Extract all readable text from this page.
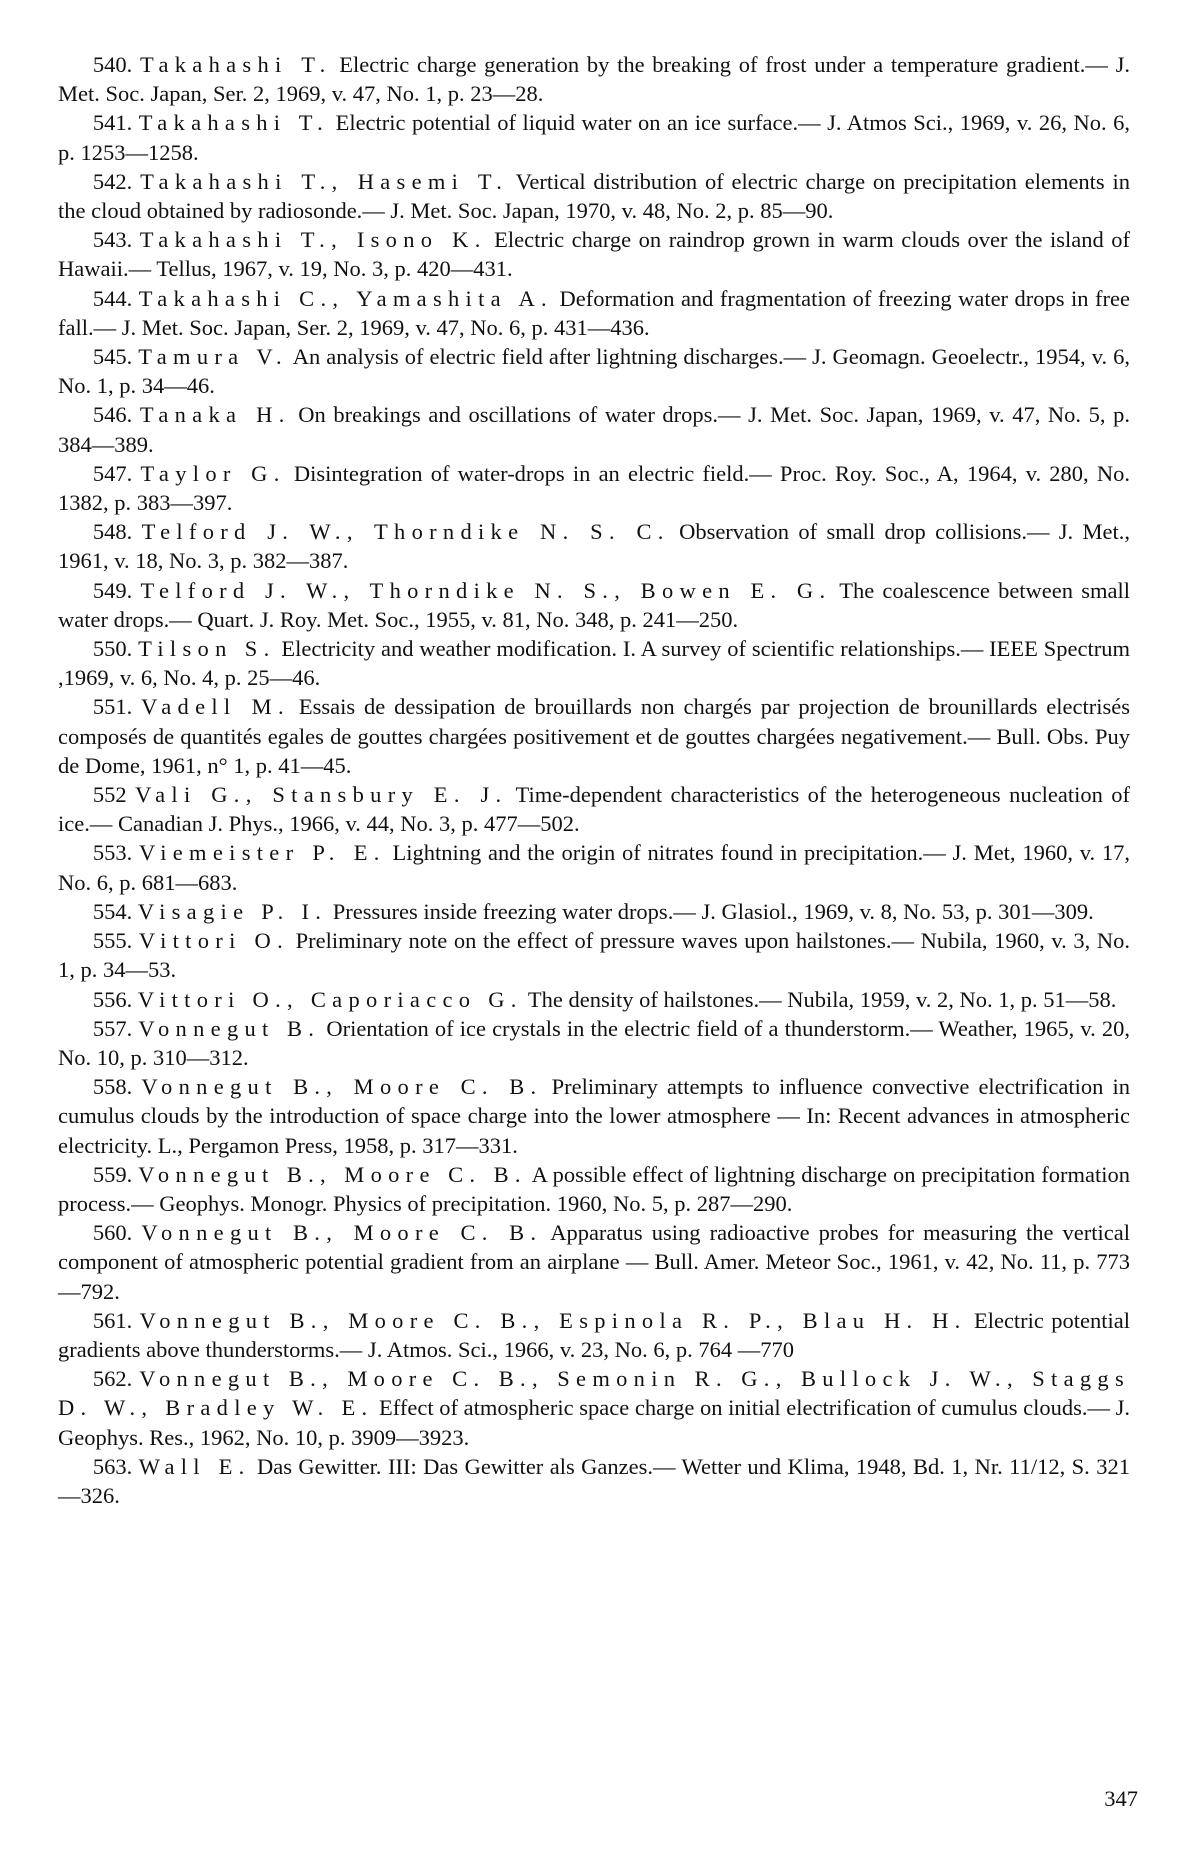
540. Takahashi T. Electric charge generation by the breaking of frost under a temperature gradient.— J. Met. Soc. Japan, Ser. 2, 1969, v. 47, No. 1, p. 23—28.

541. Takahashi T. Electric potential of liquid water on an ice surface.— J. Atmos Sci., 1969, v. 26, No. 6, p. 1253—1258.

542. Takahashi T., Hasemi T. Vertical distribution of electric charge on precipitation elements in the cloud obtained by radiosonde.— J. Met. Soc. Japan, 1970, v. 48, No. 2, p. 85—90.

543. Takahashi T., Isono K. Electric charge on raindrop grown in warm clouds over the island of Hawaii.— Tellus, 1967, v. 19, No. 3, p. 420—431.

544. Takahashi C., Yamashita A. Deformation and fragmentation of freezing water drops in free fall.— J. Met. Soc. Japan, Ser. 2, 1969, v. 47, No. 6, p. 431—436.

545. Tamura V. An analysis of electric field after lightning discharges.— J. Geomagn. Geoelectr., 1954, v. 6, No. 1, p. 34—46.

546. Tanaka H. On breakings and oscillations of water drops.— J. Met. Soc. Japan, 1969, v. 47, No. 5, p. 384—389.

547. Taylor G. Disintegration of water-drops in an electric field.— Proc. Roy. Soc., A, 1964, v. 280, No. 1382, p. 383—397.

548. Telford J. W., Thorndike N. S. C. Observation of small drop collisions.— J. Met., 1961, v. 18, No. 3, p. 382—387.

549. Telford J. W., Thorndike N. S., Bowen E. G. The coalescence between small water drops.— Quart. J. Roy. Met. Soc., 1955, v. 81, No. 348, p. 241—250.

550. Tilson S. Electricity and weather modification. I. A survey of scientific relationships.— IEEE Spectrum ,1969, v. 6, No. 4, p. 25—46.

551. Vadell M. Essais de dessipation de brouillards non chargés par projection de brounillards electrisés composés de quantités egales de gouttes chargées positivement et de gouttes chargées negativement.— Bull. Obs. Puy de Dome, 1961, n° 1, p. 41—45.

552 Vali G., Stansbury E. J. Time-dependent characteristics of the heterogeneous nucleation of ice.— Canadian J. Phys., 1966, v. 44, No. 3, p. 477—502.

553. Viemeister P. E. Lightning and the origin of nitrates found in precipitation.— J. Met, 1960, v. 17, No. 6, p. 681—683.

554. Visagie P. I. Pressures inside freezing water drops.— J. Glasiol., 1969, v. 8, No. 53, p. 301—309.

555. Vittori O. Preliminary note on the effect of pressure waves upon hailstones.— Nubila, 1960, v. 3, No. 1, p. 34—53.

556. Vittori O., Caporiacco G. The density of hailstones.— Nubila, 1959, v. 2, No. 1, p. 51—58.

557. Vonnegut B. Orientation of ice crystals in the electric field of a thunderstorm.— Weather, 1965, v. 20, No. 10, p. 310—312.

558. Vonnegut B., Moore C. B. Preliminary attempts to influence convective electrification in cumulus clouds by the introduction of space charge into the lower atmosphere — In: Recent advances in atmospheric electricity. L., Pergamon Press, 1958, p. 317—331.

559. Vonnegut B., Moore C. B. A possible effect of lightning discharge on precipitation formation process.— Geophys. Monogr. Physics of precipitation. 1960, No. 5, p. 287—290.

560. Vonnegut B., Moore C. B. Apparatus using radioactive probes for measuring the vertical component of atmospheric potential gradient from an airplane — Bull. Amer. Meteor Soc., 1961, v. 42, No. 11, p. 773—792.

561. Vonnegut B., Moore C. B., Espinola R. P., Blau H. H. Electric potential gradients above thunderstorms.— J. Atmos. Sci., 1966, v. 23, No. 6, p. 764 —770

562. Vonnegut B., Moore C. B., Semonin R. G., Bullock J. W., Staggs D. W., Bradley W. E. Effect of atmospheric space charge on initial electrification of cumulus clouds.— J. Geophys. Res., 1962, No. 10, p. 3909—3923.

563. Wall E. Das Gewitter. III: Das Gewitter als Ganzes.— Wetter und Klima, 1948, Bd. 1, Nr. 11/12, S. 321—326.

347
